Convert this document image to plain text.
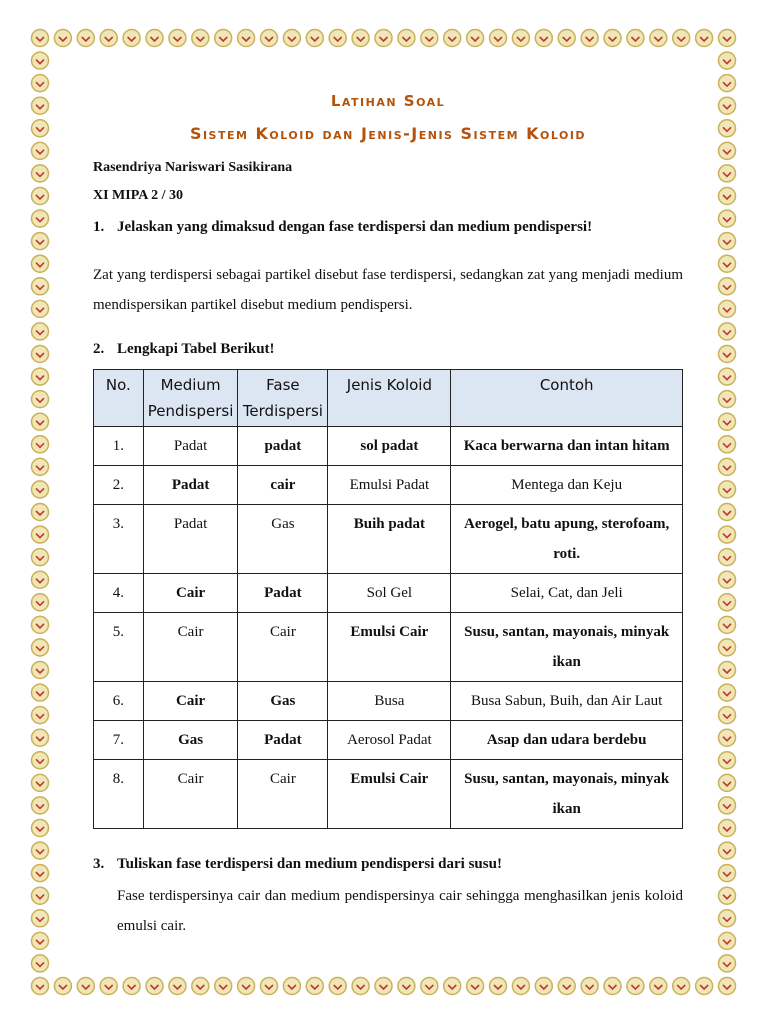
Latihan Soal
Sistem Koloid dan Jenis-Jenis Sistem Koloid
Rasendriya Nariswari Sasikirana
XI MIPA 2 / 30
1. Jelaskan yang dimaksud dengan fase terdispersi dan medium pendispersi!
Zat yang terdispersi sebagai partikel disebut fase terdispersi, sedangkan zat yang menjadi medium mendispersikan partikel disebut medium pendispersi.
2. Lengkapi Tabel Berikut!
No.	Medium Pendispersi	Fase Terdispersi	Jenis Koloid	Contoh
1.	Padat	padat	sol padat	Kaca berwarna dan intan hitam
2.	Padat	cair	Emulsi Padat	Mentega dan Keju
3.	Padat	Gas	Buih padat	Aerogel, batu apung, sterofoam, roti.
4.	Cair	Padat	Sol Gel	Selai, Cat, dan Jeli
5.	Cair	Cair	Emulsi Cair	Susu, santan, mayonais, minyak ikan
6.	Cair	Gas	Busa	Busa Sabun, Buih, dan Air Laut
7.	Gas	Padat	Aerosol Padat	Asap dan udara berdebu
8.	Cair	Cair	Emulsi Cair	Susu, santan, mayonais, minyak ikan
3. Tuliskan fase terdispersi dan medium pendispersi dari susu!
Fase terdispersinya cair dan medium pendispersinya cair sehingga menghasilkan jenis koloid emulsi cair.
